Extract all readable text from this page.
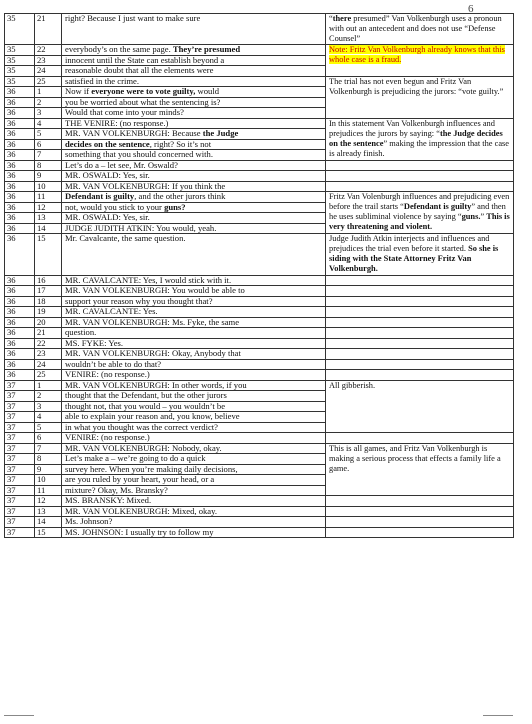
6
35	21	right? Because I just want to make sure	“there presumed” Van Volkenburgh uses a pronoun with out an antecedent and does not use “Defense Counsel”
35	22	everybody’s on the same page. They’re presumed	Note: Fritz Van Volkenburgh already knows that this whole case is a fraud.
35	23	innocent until the State can establish beyond a	
35	24	reasonable doubt that all the elements were	
35	25	satisfied in the crime.	The trial has not even begun and Fritz Van Volkenburgh is prejudicing the jurors: “vote guilty.”
36	1	Now if everyone were to vote guilty, would	
36	2	you be worried about what the sentencing is?	
36	3	Would that come into your minds?	
36	4	THE VENIRE: (no response.)	In this statement Van Volkenburgh influences and prejudices the jurors by saying: “the Judge decides on the sentence” making the impression that the case is already finish.
36	5	MR. VAN VOLKENBURGH: Because the Judge	
36	6	decides on the sentence, right? So it’s not	
36	7	something that you should concerned with.	
36	8	Let’s do a – let see, Mr. Oswald?	
36	9	MR. OSWALD: Yes, sir.	
36	10	MR. VAN VOLKENBURGH: If you think the	
36	11	Defendant is guilty, and the other jurors think	Fritz Van Volenburgh influences and prejudicing even before the trail starts “Defendant is guilty” and then he uses subliminal violence by saying “guns.” This is very threatening and violent.
36	12	not, would you stick to your guns?	
36	13	MR. OSWALD: Yes, sir.	
36	14	JUDGE JUDITH ATKIN: You would, yeah.	
36	15	Mr. Cavalcante, the same question.	Judge Judith Atkin interjects and influences and prejudices the trial even before it started. So she is siding with the State Attorney Fritz Van Volkenburgh.
36	16	MR. CAVALCANTE: Yes, I would stick with it.	
36	17	MR. VAN VOLKENBURGH: You would be able to	
36	18	support your reason why you thought that?	
36	19	MR. CAVALCANTE: Yes.	
36	20	MR. VAN VOLKENBURGH: Ms. Fyke, the same	
36	21	question.	
36	22	MS. FYKE: Yes.	
36	23	MR. VAN VOLKENBURGH: Okay, Anybody that	
36	24	wouldn’t be able to do that?	
36	25	VENIRE: (no response.)	
37	1	MR. VAN VOLKENBURGH: In other words, if you	All gibberish.
37	2	thought that the Defendant, but the other jurors	
37	3	thought not, that you would – you wouldn’t be	
37	4	able to explain your reason and, you know, believe	
37	5	in what you thought was the correct verdict?	
37	6	VENIRE: (no response.)	
37	7	MR. VAN VOLKENBURGH: Nobody, okay.	This is all games, and Fritz Van Volkenburgh is making a serious process that effects a family life a game.
37	8	Let’s make a – we’re going to do a quick	
37	9	survey here. When you’re making daily decisions,	
37	10	are you ruled by your heart, your head, or a	
37	11	mixture? Okay, Ms. Bransky?	
37	12	MS. BRANSKY: Mixed.	
37	13	MR. VAN VOLKENBURGH: Mixed, okay.	
37	14	Ms. Johnson?	
37	15	MS. JOHNSON: I usually try to follow my	
